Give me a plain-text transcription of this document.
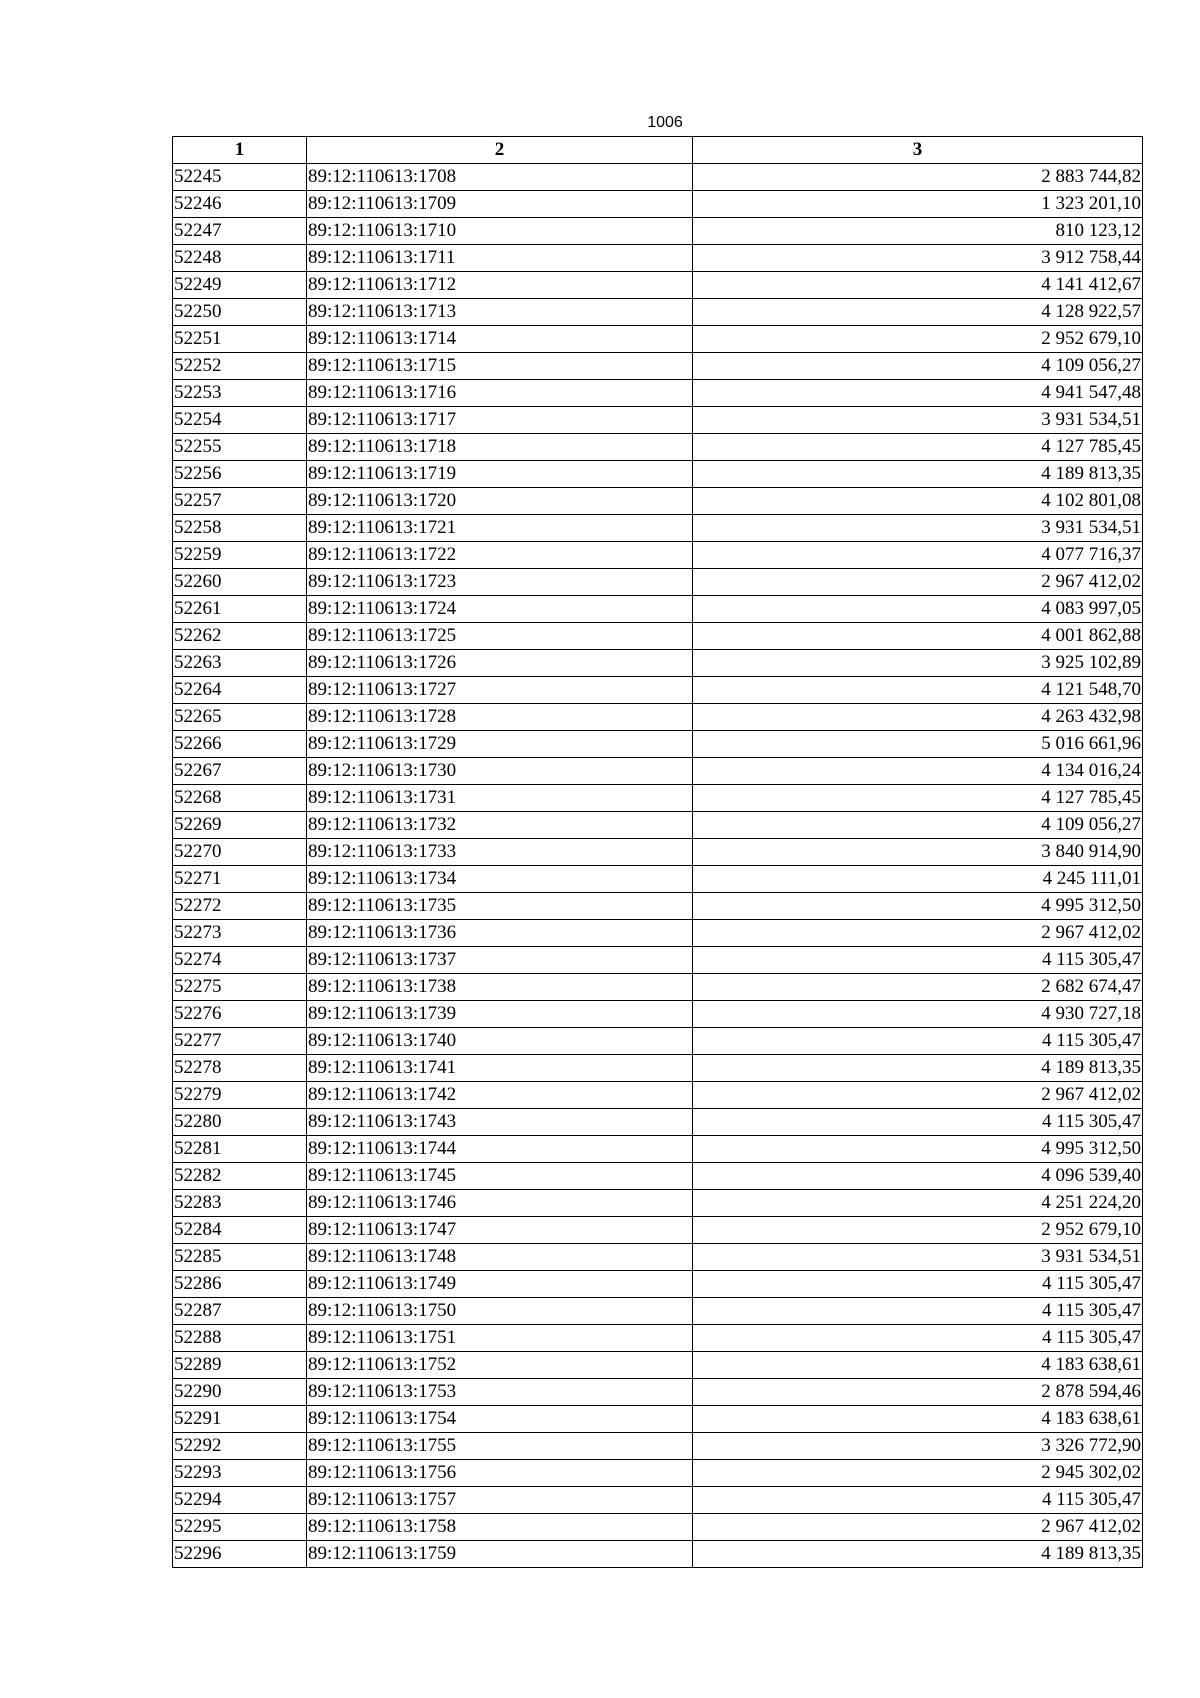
1006
1	2	3
52245	89:12:110613:1708	2 883 744,82
52246	89:12:110613:1709	1 323 201,10
52247	89:12:110613:1710	810 123,12
52248	89:12:110613:1711	3 912 758,44
52249	89:12:110613:1712	4 141 412,67
52250	89:12:110613:1713	4 128 922,57
52251	89:12:110613:1714	2 952 679,10
52252	89:12:110613:1715	4 109 056,27
52253	89:12:110613:1716	4 941 547,48
52254	89:12:110613:1717	3 931 534,51
52255	89:12:110613:1718	4 127 785,45
52256	89:12:110613:1719	4 189 813,35
52257	89:12:110613:1720	4 102 801,08
52258	89:12:110613:1721	3 931 534,51
52259	89:12:110613:1722	4 077 716,37
52260	89:12:110613:1723	2 967 412,02
52261	89:12:110613:1724	4 083 997,05
52262	89:12:110613:1725	4 001 862,88
52263	89:12:110613:1726	3 925 102,89
52264	89:12:110613:1727	4 121 548,70
52265	89:12:110613:1728	4 263 432,98
52266	89:12:110613:1729	5 016 661,96
52267	89:12:110613:1730	4 134 016,24
52268	89:12:110613:1731	4 127 785,45
52269	89:12:110613:1732	4 109 056,27
52270	89:12:110613:1733	3 840 914,90
52271	89:12:110613:1734	4 245 111,01
52272	89:12:110613:1735	4 995 312,50
52273	89:12:110613:1736	2 967 412,02
52274	89:12:110613:1737	4 115 305,47
52275	89:12:110613:1738	2 682 674,47
52276	89:12:110613:1739	4 930 727,18
52277	89:12:110613:1740	4 115 305,47
52278	89:12:110613:1741	4 189 813,35
52279	89:12:110613:1742	2 967 412,02
52280	89:12:110613:1743	4 115 305,47
52281	89:12:110613:1744	4 995 312,50
52282	89:12:110613:1745	4 096 539,40
52283	89:12:110613:1746	4 251 224,20
52284	89:12:110613:1747	2 952 679,10
52285	89:12:110613:1748	3 931 534,51
52286	89:12:110613:1749	4 115 305,47
52287	89:12:110613:1750	4 115 305,47
52288	89:12:110613:1751	4 115 305,47
52289	89:12:110613:1752	4 183 638,61
52290	89:12:110613:1753	2 878 594,46
52291	89:12:110613:1754	4 183 638,61
52292	89:12:110613:1755	3 326 772,90
52293	89:12:110613:1756	2 945 302,02
52294	89:12:110613:1757	4 115 305,47
52295	89:12:110613:1758	2 967 412,02
52296	89:12:110613:1759	4 189 813,35
